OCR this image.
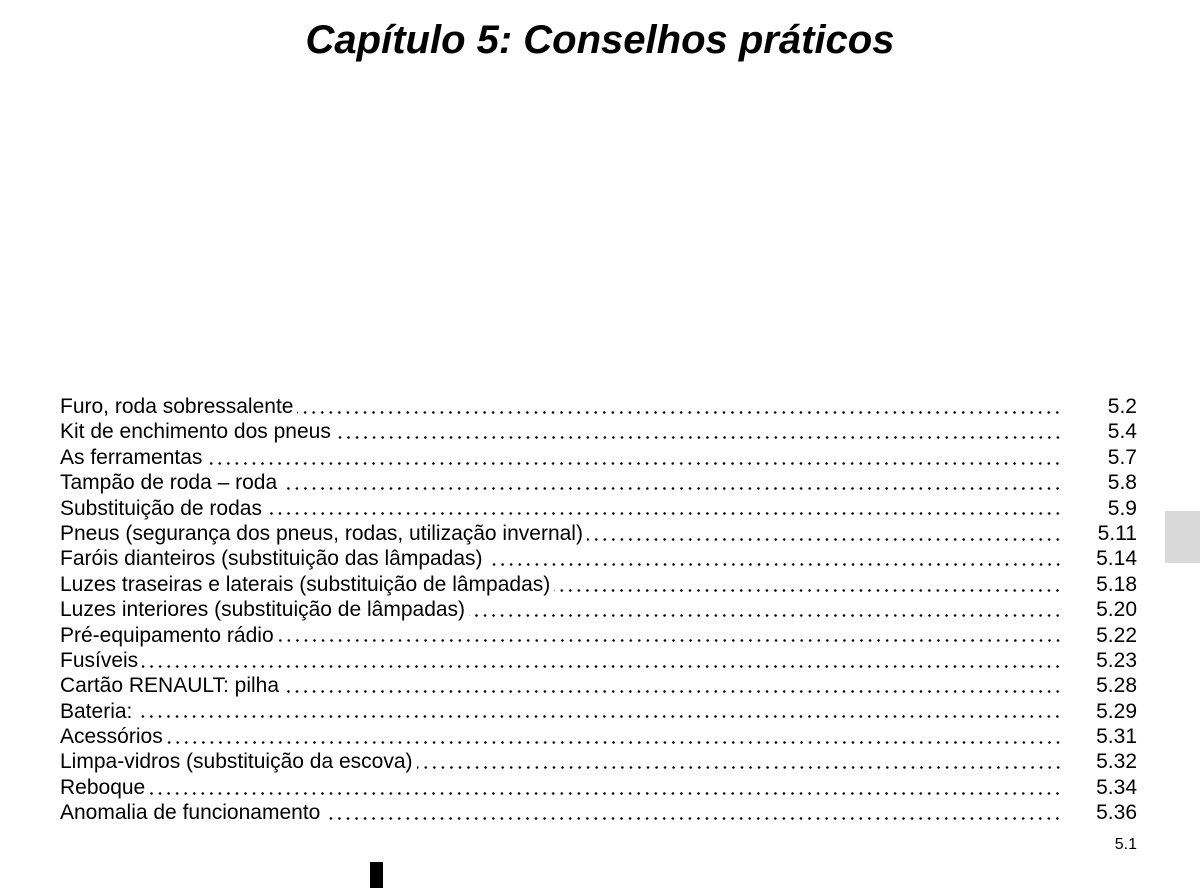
Capítulo 5: Conselhos práticos
Furo, roda sobressalente	5.2
Kit de enchimento dos pneus	5.4
As ferramentas	5.7
Tampão de roda – roda	5.8
Substituição de rodas	5.9
Pneus (segurança dos pneus, rodas, utilização invernal)	5.11
Faróis dianteiros (substituição das lâmpadas)	5.14
Luzes traseiras e laterais (substituição de lâmpadas)	5.18
Luzes interiores (substituição de lâmpadas)	5.20
Pré-equipamento rádio	5.22
Fusíveis	5.23
Cartão RENAULT: pilha	5.28
Bateria:	5.29
Acessórios	5.31
Limpa-vidros (substituição da escova)	5.32
Reboque	5.34
Anomalia de funcionamento	5.36
5.1
